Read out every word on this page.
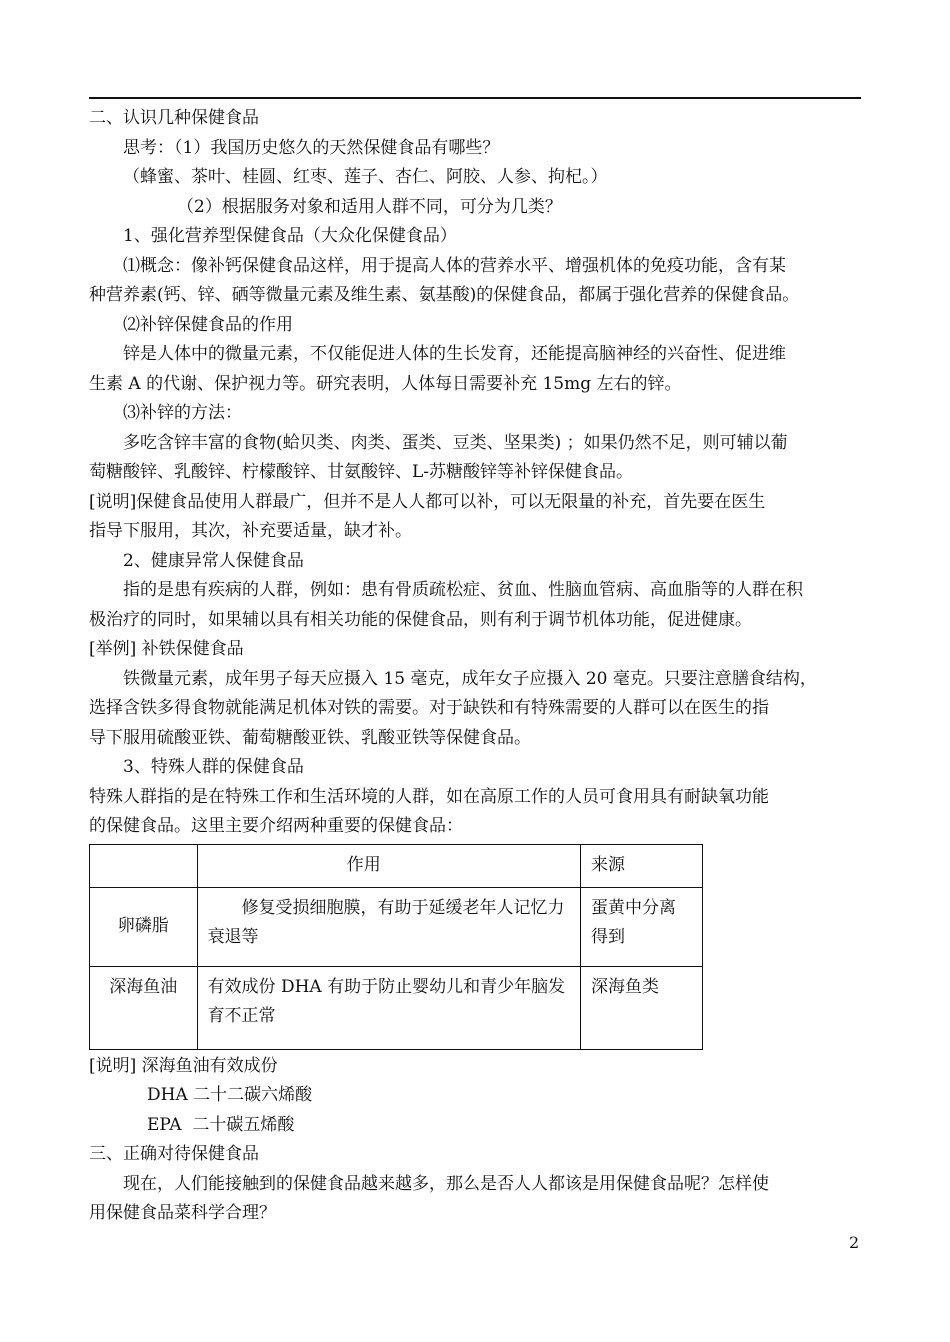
二、认识几种保健食品

思考：（1）我国历史悠久的天然保健食品有哪些？

（蜂蜜、茶叶、桂圆、红枣、莲子、杏仁、阿胶、人参、拘杞。）

（2）根据服务对象和适用人群不同，可分为几类？

1、强化营养型保健食品（大众化保健食品）

⑴概念：像补钙保健食品这样，用于提高人体的营养水平、增强机体的免疫功能，含有某

种营养素(钙、锌、硒等微量元素及维生素、氨基酸)的保健食品，都属于强化营养的保健食品。

⑵补锌保健食品的作用

锌是人体中的微量元素，不仅能促进人体的生长发育，还能提高脑神经的兴奋性、促进维

生素 A 的代谢、保护视力等。研究表明，人体每日需要补充 15mg 左右的锌。

⑶补锌的方法：

多吃含锌丰富的食物(蛤贝类、肉类、蛋类、豆类、坚果类) ；如果仍然不足，则可辅以葡

萄糖酸锌、乳酸锌、柠檬酸锌、甘氨酸锌、L-苏糖酸锌等补锌保健食品。

[说明]保健食品使用人群最广，但并不是人人都可以补，可以无限量的补充，首先要在医生

指导下服用，其次，补充要适量，缺才补。

2、健康异常人保健食品

指的是患有疾病的人群，例如：患有骨质疏松症、贫血、性脑血管病、高血脂等的人群在积

极治疗的同时，如果辅以具有相关功能的保健食品，则有利于调节机体功能，促进健康。

[举例] 补铁保健食品

铁微量元素，成年男子每天应摄入 15 毫克，成年女子应摄入 20 毫克。只要注意膳食结构，

选择含铁多得食物就能满足机体对铁的需要。对于缺铁和有特殊需要的人群可以在医生的指

导下服用硫酸亚铁、葡萄糖酸亚铁、乳酸亚铁等保健食品。

3、特殊人群的保健食品

特殊人群指的是在特殊工作和生活环境的人群，如在高原工作的人员可食用具有耐缺氧功能

的保健食品。这里主要介绍两种重要的保健食品：

	作用	来源
卵磷脂	修复受损细胞膜，有助于延缓老年人记忆力衰退等	蛋黄中分离得到
深海鱼油	有效成份 DHA 有助于防止婴幼儿和青少年脑发育不正常	深海鱼类

[说明] 深海鱼油有效成份

DHA 二十二碳六烯酸

EPA  二十碳五烯酸

三、正确对待保健食品

现在，人们能接触到的保健食品越来越多，那么是否人人都该是用保健食品呢？怎样使

用保健食品菜科学合理？

2
